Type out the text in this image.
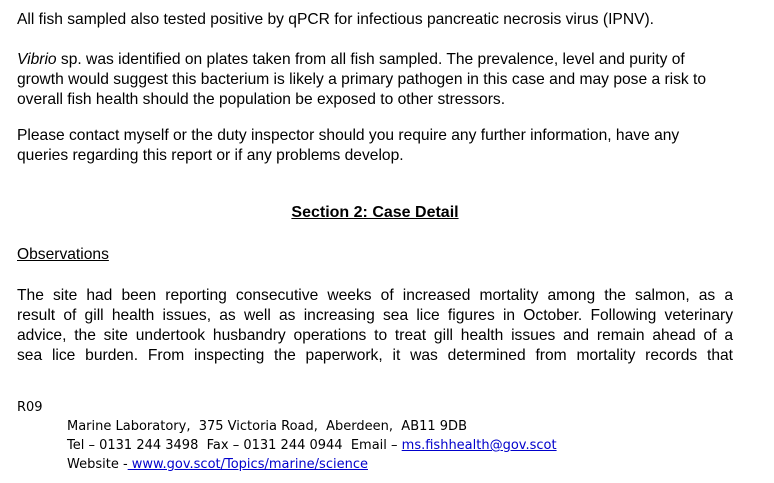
All fish sampled also tested positive by qPCR for infectious pancreatic necrosis virus (IPNV).

Vibrio sp. was identified on plates taken from all fish sampled. The prevalence, level and purity of growth would suggest this bacterium is likely a primary pathogen in this case and may pose a risk to overall fish health should the population be exposed to other stressors.

Please contact myself or the duty inspector should you require any further information, have any queries regarding this report or if any problems develop.

Section 2: Case Detail
Observations

The site had been reporting consecutive weeks of increased mortality among the salmon, as a
result of gill health issues, as well as increasing sea lice figures in October. Following veterinary
advice, the site undertook husbandry operations to treat gill health issues and remain ahead of a
sea lice burden. From inspecting the paperwork, it was determined from mortality records that

R09
Marine Laboratory,  375 Victoria Road,  Aberdeen,  AB11 9DB
Tel – 0131 244 3498  Fax – 0131 244 0944  Email – ms.fishhealth@gov.scot
Website - www.gov.scot/Topics/marine/science
